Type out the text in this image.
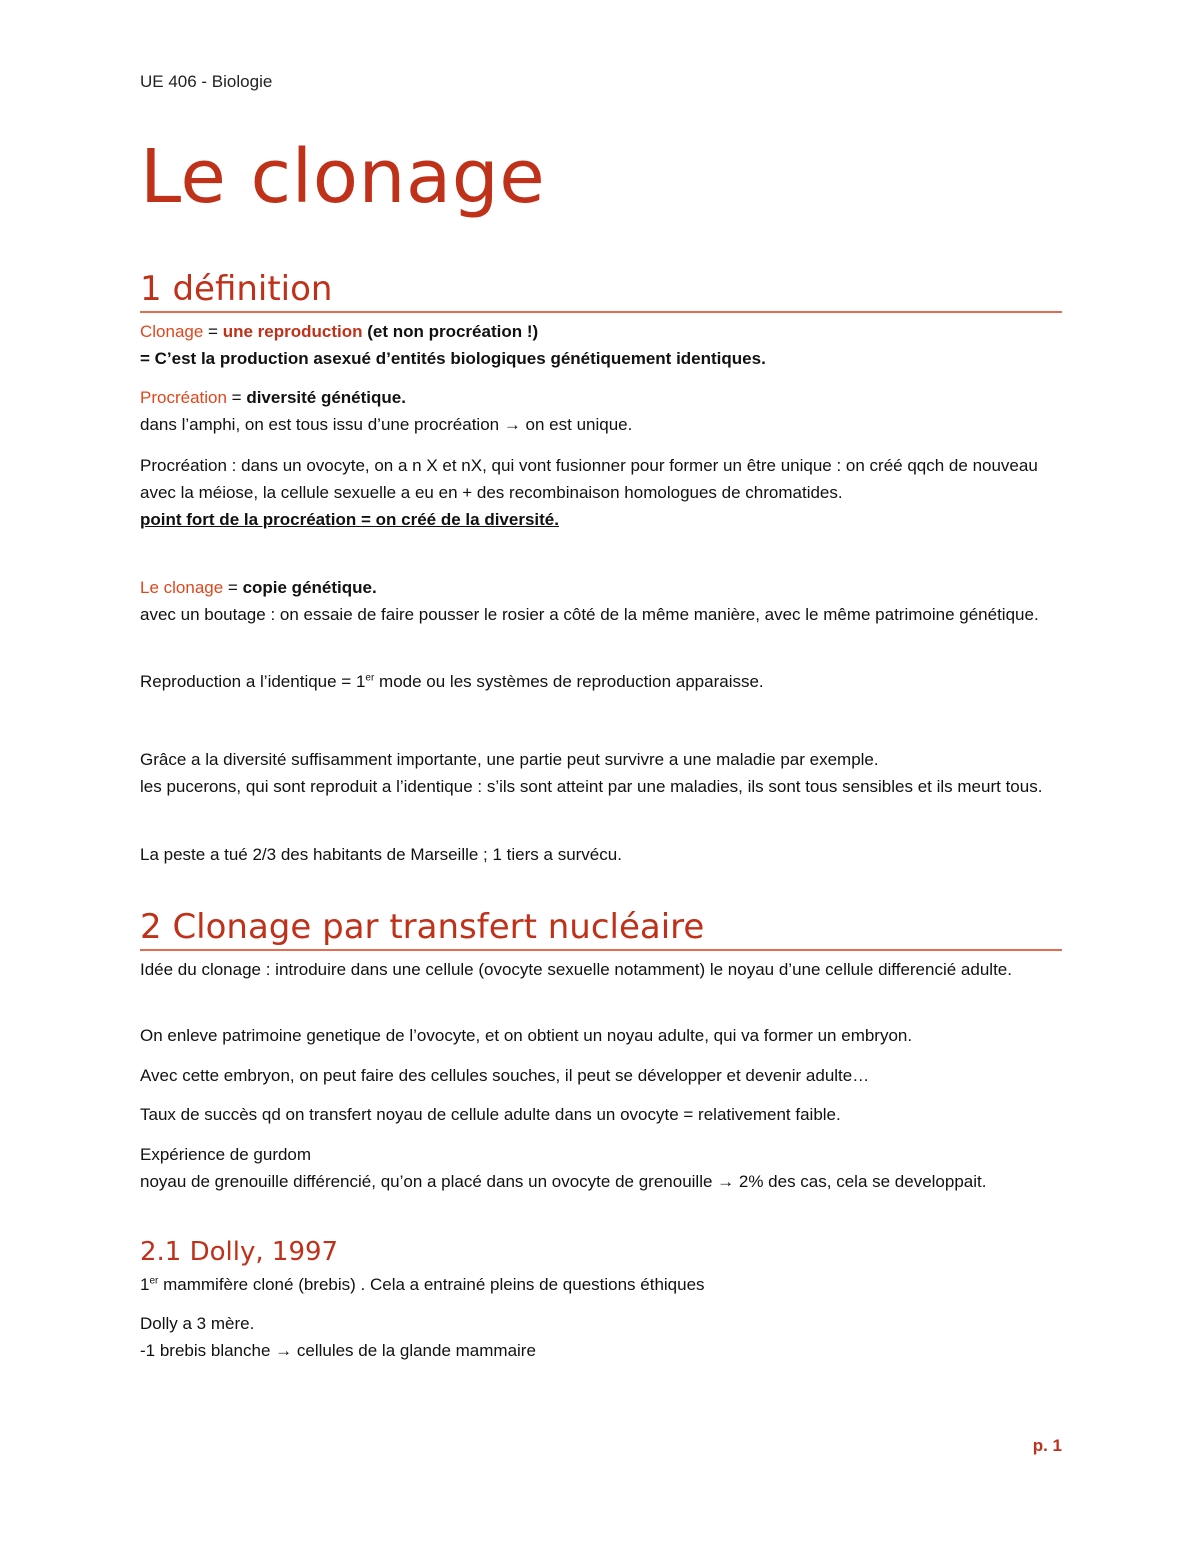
UE 406 - Biologie
Le clonage
1 définition
Clonage = une reproduction (et non procréation !)
= C’est la production asexué d’entités biologiques génétiquement identiques.
Procréation = diversité génétique.
dans l’amphi, on est tous issu d’une procréation → on est unique.
Procréation : dans un ovocyte, on a n X et nX, qui vont fusionner pour former un être unique : on créé qqch de nouveau
avec la méiose, la cellule sexuelle a eu en + des recombinaison homologues de chromatides.
point fort de la procréation = on créé de la diversité.
Le clonage = copie génétique.
avec un boutage : on essaie de faire pousser le rosier a côté de la même manière, avec le même patrimoine génétique.
Reproduction a l’identique = 1er mode ou les systèmes de reproduction apparaisse.
Grâce a la diversité suffisamment importante, une partie peut survivre a une maladie par exemple.
les pucerons, qui sont reproduit a l’identique : s’ils sont atteint par une maladies, ils sont tous sensibles et ils meurt tous.
La peste a tué 2/3 des habitants de Marseille ; 1 tiers a survécu.
2 Clonage par transfert nucléaire
Idée du clonage : introduire dans une cellule (ovocyte sexuelle notamment) le noyau d’une cellule differencié adulte.
On enleve patrimoine genetique de l’ovocyte, et on obtient un noyau adulte, qui va former un embryon.
Avec cette embryon, on peut faire des cellules souches, il peut se développer et devenir adulte…
Taux de succès qd on transfert noyau de cellule adulte dans un ovocyte = relativement faible.
Expérience de gurdom
noyau de grenouille différencié, qu’on a placé dans un ovocyte de grenouille → 2% des cas, cela se developpait.
2.1 Dolly, 1997
1er mammifère cloné (brebis) . Cela a entrainé pleins de questions éthiques
Dolly a 3 mère.
-1 brebis blanche → cellules de la glande mammaire
p. 1
